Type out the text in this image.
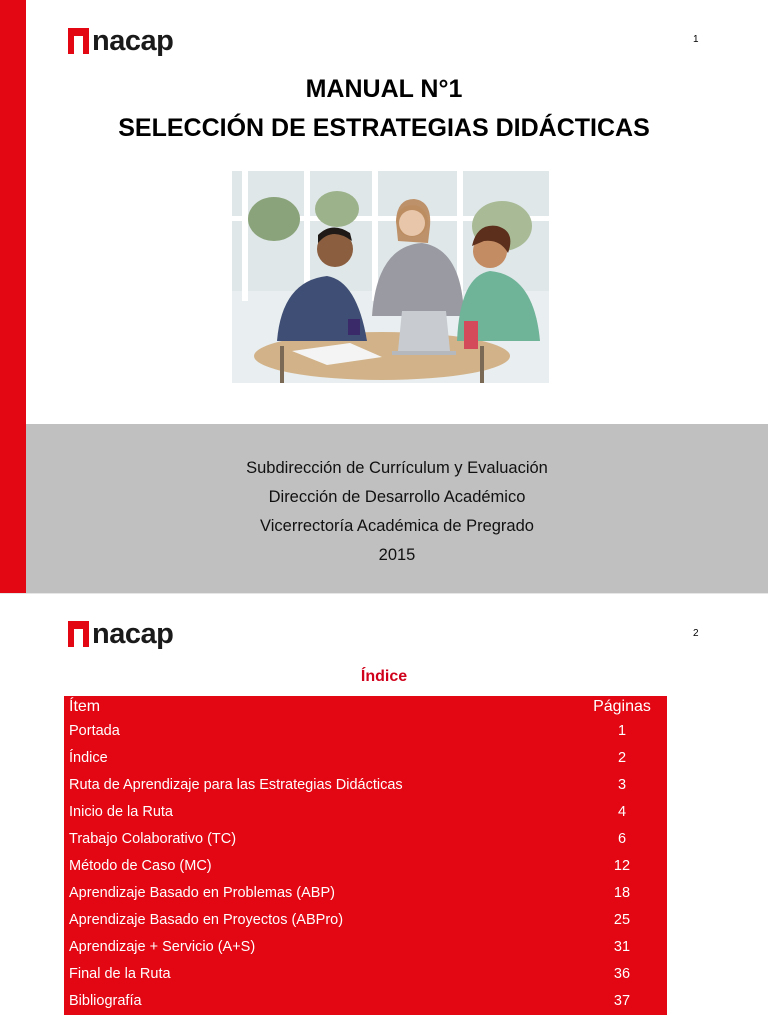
nacap	1
MANUAL N°1
SELECCIÓN DE ESTRATEGIAS DIDÁCTICAS
Subdirección de Currículum y Evaluación
Dirección de Desarrollo Académico
Vicerrectoría Académica de Pregrado
2015
nacap	2
Índice
Ítem	Páginas
Portada	1
Índice	2
Ruta de Aprendizaje para las Estrategias Didácticas	3
Inicio de la Ruta	4
Trabajo Colaborativo (TC)	6
Método de Caso (MC)	12
Aprendizaje Basado en Problemas (ABP)	18
Aprendizaje Basado en Proyectos (ABPro)	25
Aprendizaje + Servicio (A+S)	31
Final de la Ruta	36
Bibliografía	37
